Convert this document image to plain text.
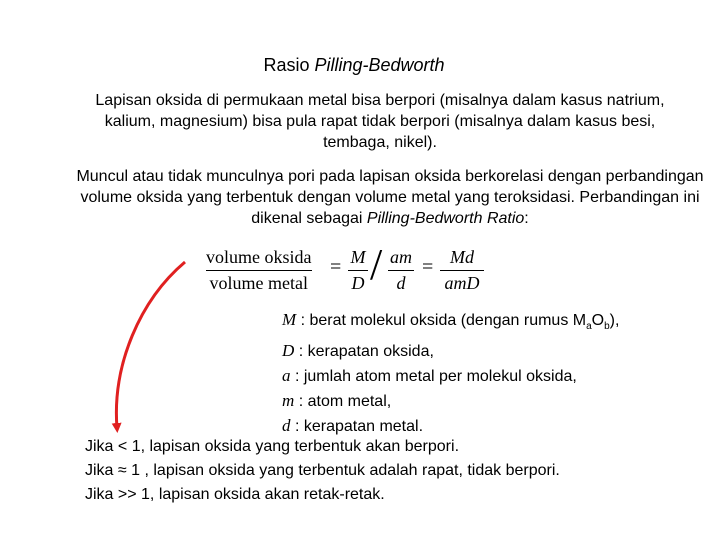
Rasio Pilling-Bedworth
Lapisan oksida di permukaan metal bisa berpori (misalnya dalam kasus natrium, kalium, magnesium) bisa pula rapat tidak berpori (misalnya dalam kasus besi, tembaga, nikel).
Muncul atau tidak munculnya pori pada lapisan oksida berkorelasi dengan perbandingan volume oksida yang terbentuk dengan volume metal yang teroksidasi. Perbandingan ini dikenal sebagai Pilling-Bedworth Ratio:
volume oksida
volume metal
= M
D / am
d
= Md
amD
M : berat molekul oksida (dengan rumus $M_aO_b$),
D : kerapatan oksida,
a : jumlah atom metal per molekul oksida,
m : atom metal,
d : kerapatan metal.
Jika < 1, lapisan oksida yang terbentuk akan berpori.
Jika ≈ 1 , lapisan oksida yang terbentuk adalah rapat, tidak berpori.
Jika >> 1, lapisan oksida akan retak-retak.
